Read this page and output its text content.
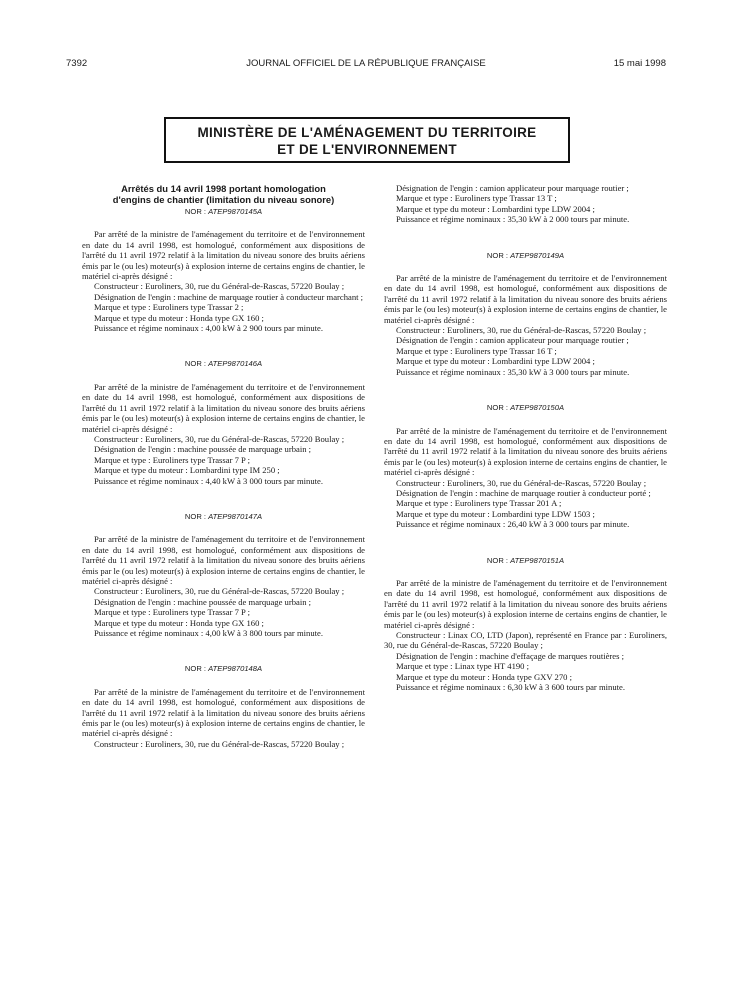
7392	JOURNAL OFFICIEL DE LA RÉPUBLIQUE FRANÇAISE	15 mai 1998
MINISTÈRE DE L'AMÉNAGEMENT DU TERRITOIRE
ET DE L'ENVIRONNEMENT
Arrêtés du 14 avril 1998 portant homologation
d'engins de chantier (limitation du niveau sonore)
NOR : ATEP9870145A

Par arrêté de la ministre de l'aménagement du territoire et de l'environnement en date du 14 avril 1998, est homologué, conformément aux dispositions de l'arrêté du 11 avril 1972 relatif à la limitation du niveau sonore des bruits aériens émis par le (ou les) moteur(s) à explosion interne de certains engins de chantier, le matériel ci-après désigné :

Constructeur : Euroliners, 30, rue du Général-de-Rascas, 57220 Boulay ;

Désignation de l'engin : machine de marquage routier à conducteur marchant ;

Marque et type : Euroliners type Trassar 2 ;

Marque et type du moteur : Honda type GX 160 ;

Puissance et régime nominaux : 4,00 kW à 2 900 tours par minute.

NOR : ATEP9870146A

Par arrêté de la ministre de l'aménagement du territoire et de l'environnement en date du 14 avril 1998, est homologué, conformément aux dispositions de l'arrêté du 11 avril 1972 relatif à la limitation du niveau sonore des bruits aériens émis par le (ou les) moteur(s) à explosion interne de certains engins de chantier, le matériel ci-après désigné :

Constructeur : Euroliners, 30, rue du Général-de-Rascas, 57220 Boulay ;

Désignation de l'engin : machine poussée de marquage urbain ;

Marque et type : Euroliners type Trassar 7 P ;

Marque et type du moteur : Lombardini type IM 250 ;

Puissance et régime nominaux : 4,40 kW à 3 000 tours par minute.

NOR : ATEP9870147A

Par arrêté de la ministre de l'aménagement du territoire et de l'environnement en date du 14 avril 1998, est homologué, conformément aux dispositions de l'arrêté du 11 avril 1972 relatif à la limitation du niveau sonore des bruits aériens émis par le (ou les) moteur(s) à explosion interne de certains engins de chantier, le matériel ci-après désigné :

Constructeur : Euroliners, 30, rue du Général-de-Rascas, 57220 Boulay ;

Désignation de l'engin : machine poussée de marquage urbain ;

Marque et type : Euroliners type Trassar 7 P ;

Marque et type du moteur : Honda type GX 160 ;

Puissance et régime nominaux : 4,00 kW à 3 800 tours par minute.

NOR : ATEP9870148A

Par arrêté de la ministre de l'aménagement du territoire et de l'environnement en date du 14 avril 1998, est homologué, conformément aux dispositions de l'arrêté du 11 avril 1972 relatif à la limitation du niveau sonore des bruits aériens émis par le (ou les) moteur(s) à explosion interne de certains engins de chantier, le matériel ci-après désigné :

Constructeur : Euroliners, 30, rue du Général-de-Rascas, 57220 Boulay ;

Désignation de l'engin : camion applicateur pour marquage routier ;

Marque et type : Euroliners type Trassar 13 T ;

Marque et type du moteur : Lombardini type LDW 2004 ;

Puissance et régime nominaux : 35,30 kW à 2 000 tours par minute.

NOR : ATEP9870149A

Par arrêté de la ministre de l'aménagement du territoire et de l'environnement en date du 14 avril 1998, est homologué, conformément aux dispositions de l'arrêté du 11 avril 1972 relatif à la limitation du niveau sonore des bruits aériens émis par le (ou les) moteur(s) à explosion interne de certains engins de chantier, le matériel ci-après désigné :

Constructeur : Euroliners, 30, rue du Général-de-Rascas, 57220 Boulay ;

Désignation de l'engin : camion applicateur pour marquage routier ;

Marque et type : Euroliners type Trassar 16 T ;

Marque et type du moteur : Lombardini type LDW 2004 ;

Puissance et régime nominaux : 35,30 kW à 3 000 tours par minute.

NOR : ATEP9870150A

Par arrêté de la ministre de l'aménagement du territoire et de l'environnement en date du 14 avril 1998, est homologué, conformément aux dispositions de l'arrêté du 11 avril 1972 relatif à la limitation du niveau sonore des bruits aériens émis par le (ou les) moteur(s) à explosion interne de certains engins de chantier, le matériel ci-après désigné :

Constructeur : Euroliners, 30, rue du Général-de-Rascas, 57220 Boulay ;

Désignation de l'engin : machine de marquage routier à conducteur porté ;

Marque et type : Euroliners type Trassar 201 A ;

Marque et type du moteur : Lombardini type LDW 1503 ;

Puissance et régime nominaux : 26,40 kW à 3 000 tours par minute.

NOR : ATEP9870151A

Par arrêté de la ministre de l'aménagement du territoire et de l'environnement en date du 14 avril 1998, est homologué, conformément aux dispositions de l'arrêté du 11 avril 1972 relatif à la limitation du niveau sonore des bruits aériens émis par le (ou les) moteur(s) à explosion interne de certains engins de chantier, le matériel ci-après désigné :

Constructeur : Linax CO, LTD (Japon), représenté en France par : Euroliners, 30, rue du Général-de-Rascas, 57220 Boulay ;

Désignation de l'engin : machine d'effaçage de marques routières ;

Marque et type : Linax type HT 4190 ;

Marque et type du moteur : Honda type GXV 270 ;

Puissance et régime nominaux : 6,30 kW à 3 600 tours par minute.
